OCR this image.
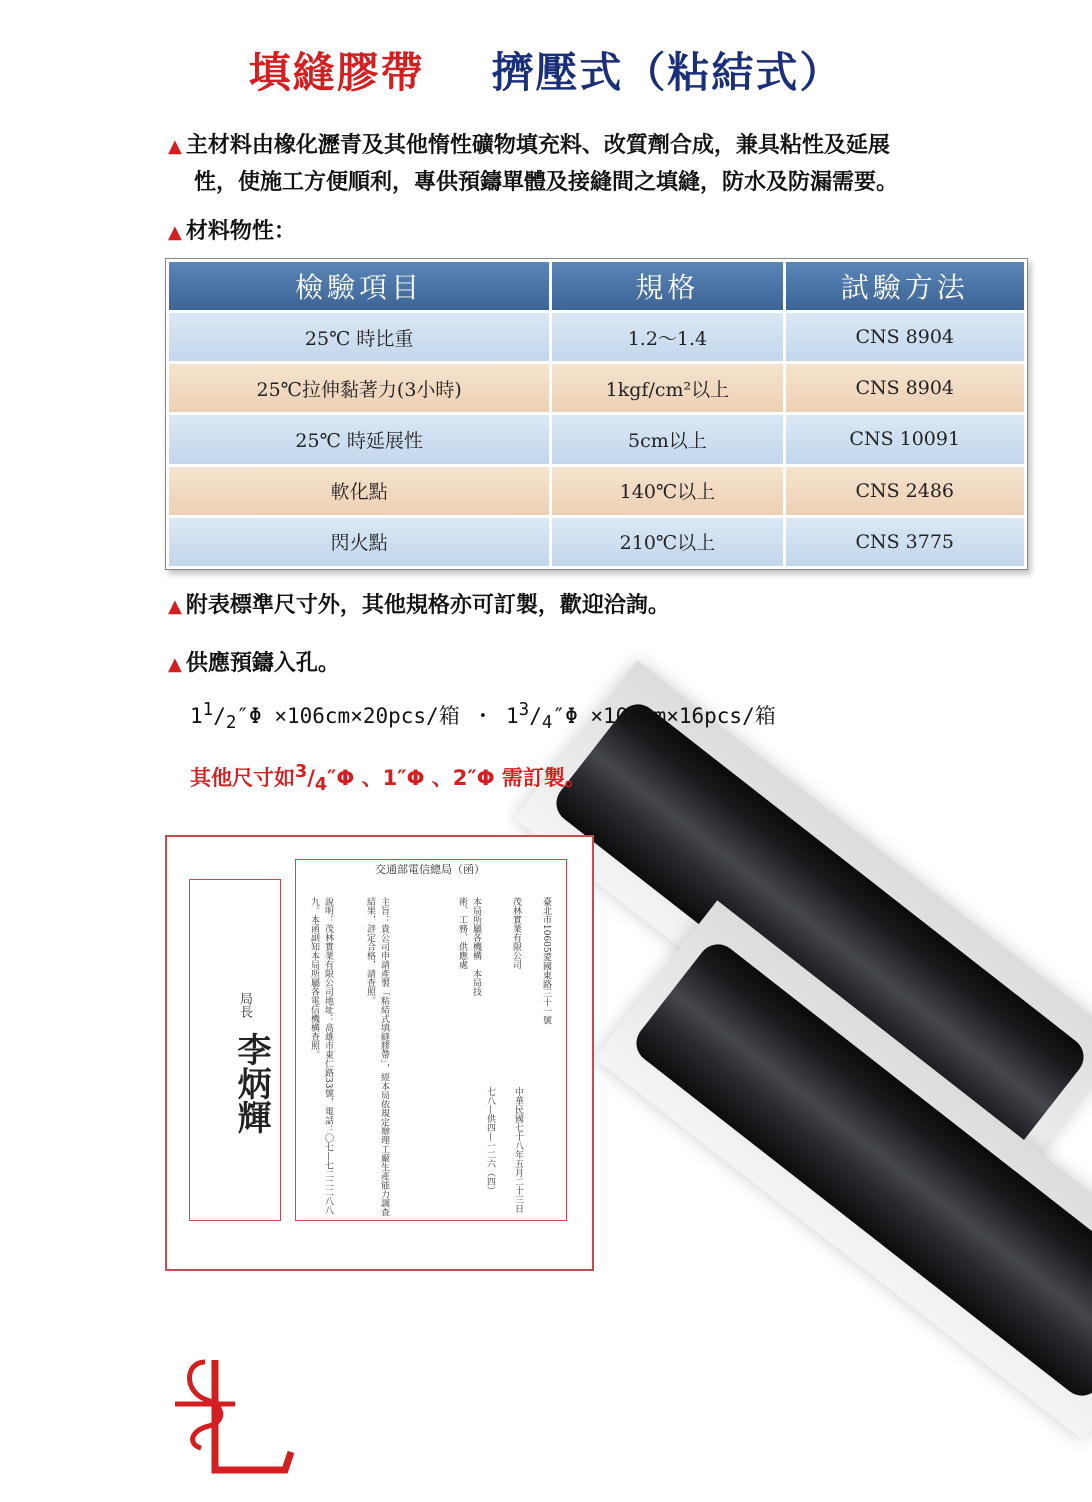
填縫膠帶 擠壓式（粘結式）
▲ 主材料由橡化瀝青及其他惰性礦物填充料、改質劑合成，兼具粘性及延展
性，使施工方便順利，專供預鑄單體及接縫間之填縫，防水及防漏需要。
▲ 材料物性：
檢驗項目	規格	試驗方法
25℃ 時比重	1.2～1.4	CNS 8904
25℃拉伸黏著力(3小時)	1kgf/cm²以上	CNS 8904
25℃ 時延展性	5cm以上	CNS 10091
軟化點	140℃以上	CNS 2486
閃火點	210℃以上	CNS 3775
▲ 附表標準尺寸外，其他規格亦可訂製，歡迎洽詢。
▲ 供應預鑄入孔。
$1^1/_2''\Phi \times 106cm\times 20pcs/$箱 ・ $1^3/_4''\Phi \times 106cm\times 16pcs/$箱
其他尺寸如$^3/_4''\Phi$ 、1″Φ 、2″Φ 需訂製。
局長
李炳輝
交通部電信總局（函）
臺北市10605愛國東路三十一號
茂林實業有限公司
本局所屬各機構　本局技術、工務、供應處
中華民國七十八年五月二十三日
七八—供四—一二六（四）
主旨：貴公司申請產製「粘結式填縫膠帶」，經本局依規定辦理工廠生產能力調查結果，評定合格，請查照。
說明：茂林實業有限公司地址：高雄市東仁路33號，電話：〇七—七二二二八八九。本函副知本局所屬各電信機構查照。
